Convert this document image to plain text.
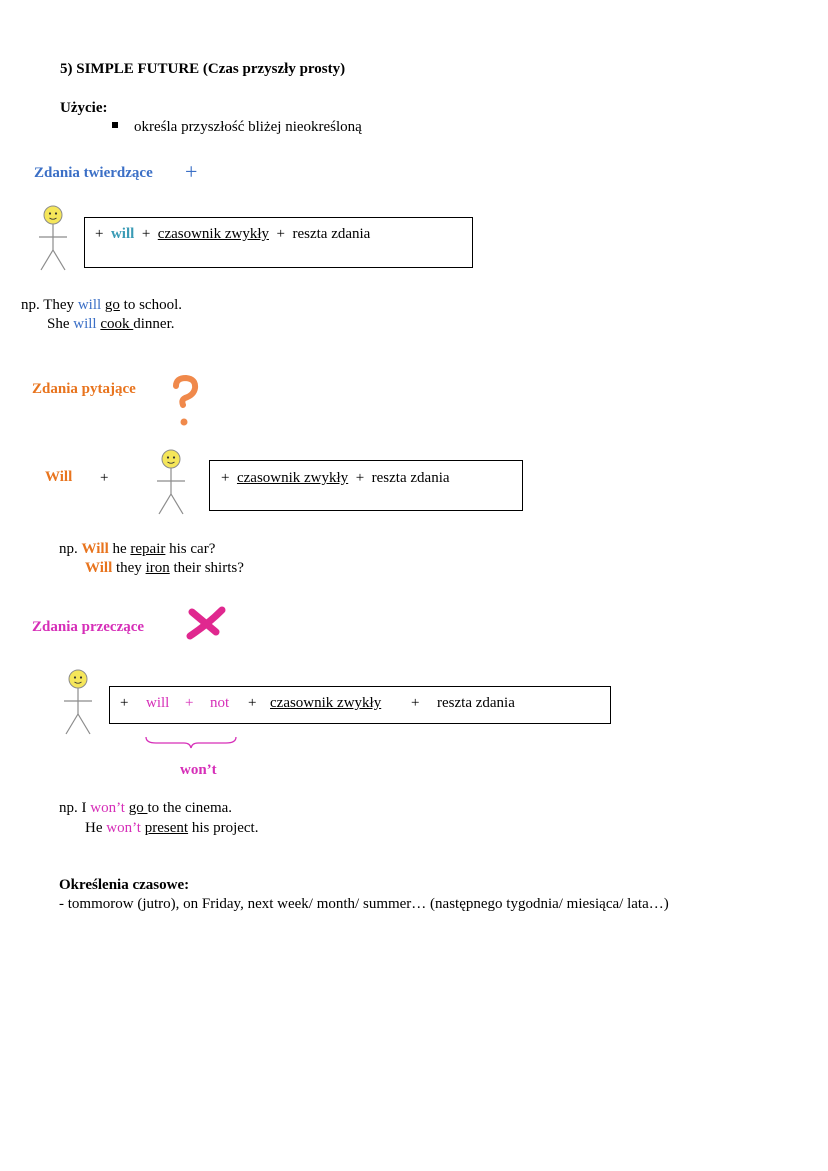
5) SIMPLE FUTURE (Czas przyszły prosty)
Użycie:
określa przyszłość bliżej nieokreśloną
Zdania twierdzące +
+ will + czasownik zwykły + reszta zdania
np. They will go to school.
She will cook dinner.
Zdania pytające
Will +	+ czasownik zwykły + reszta zdania
np. Will he repair his car?
Will they iron their shirts?
Zdania przeczące
+ will + not + czasownik zwykły + reszta zdania
won’t
np. I won’t go to the cinema.
He won’t present his project.
Określenia czasowe:
- tommorow (jutro), on Friday, next week/ month/ summer… (następnego tygodnia/ miesiąca/ lata…)
